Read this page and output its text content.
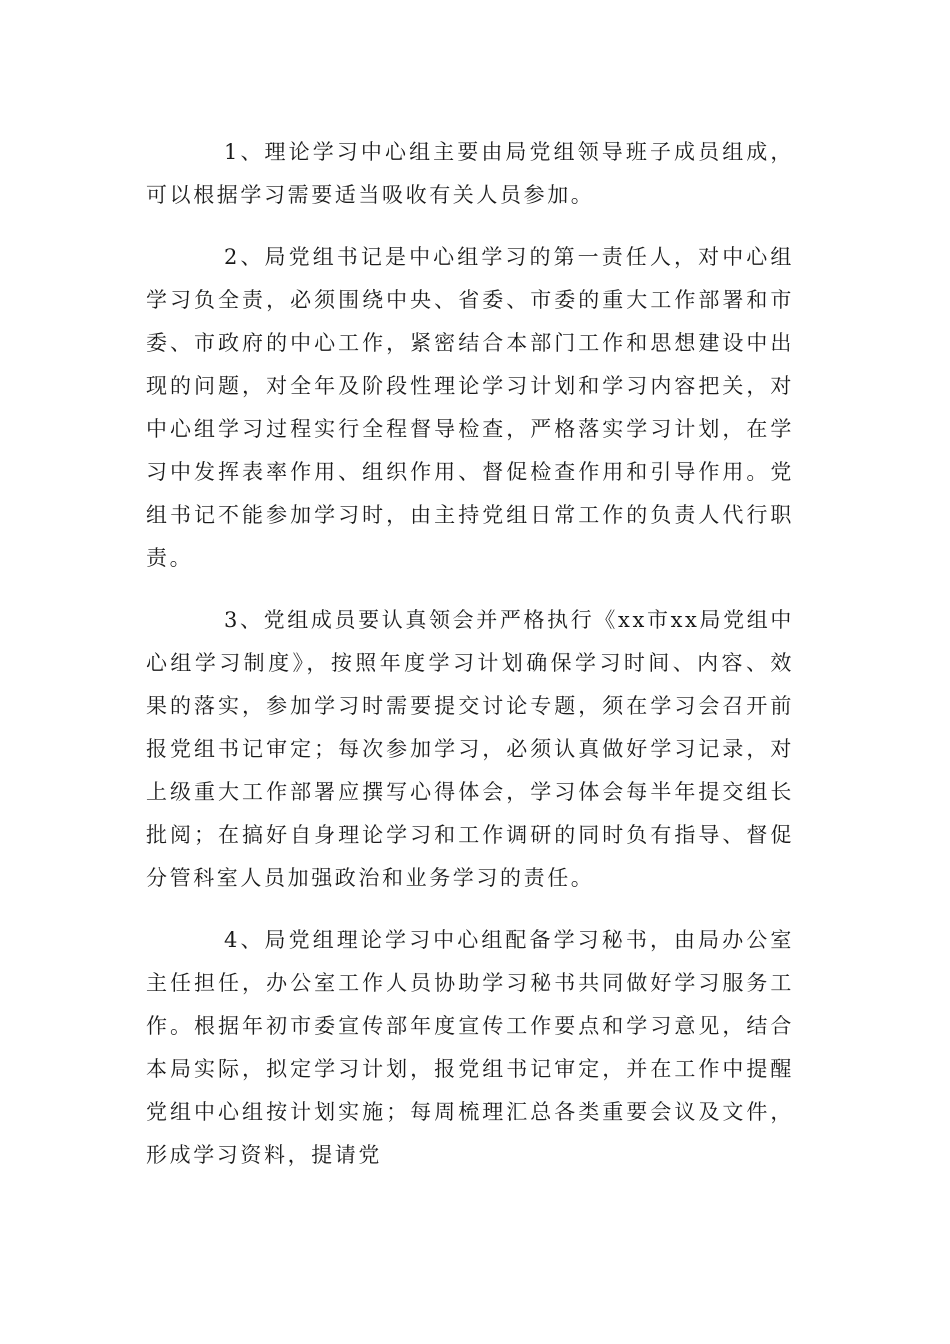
1、理论学习中心组主要由局党组领导班子成员组成，可以根据学习需要适当吸收有关人员参加。

2、局党组书记是中心组学习的第一责任人，对中心组学习负全责，必须围绕中央、省委、市委的重大工作部署和市委、市政府的中心工作，紧密结合本部门工作和思想建设中出现的问题，对全年及阶段性理论学习计划和学习内容把关，对中心组学习过程实行全程督导检查，严格落实学习计划，在学习中发挥表率作用、组织作用、督促检查作用和引导作用。党组书记不能参加学习时，由主持党组日常工作的负责人代行职责。

3、党组成员要认真领会并严格执行《xx市xx局党组中心组学习制度》，按照年度学习计划确保学习时间、内容、效果的落实，参加学习时需要提交讨论专题，须在学习会召开前报党组书记审定；每次参加学习，必须认真做好学习记录，对上级重大工作部署应撰写心得体会，学习体会每半年提交组长批阅；在搞好自身理论学习和工作调研的同时负有指导、督促分管科室人员加强政治和业务学习的责任。

4、局党组理论学习中心组配备学习秘书，由局办公室主任担任，办公室工作人员协助学习秘书共同做好学习服务工作。根据年初市委宣传部年度宣传工作要点和学习意见，结合本局实际，拟定学习计划，报党组书记审定，并在工作中提醒党组中心组按计划实施；每周梳理汇总各类重要会议及文件，形成学习资料，提请党
